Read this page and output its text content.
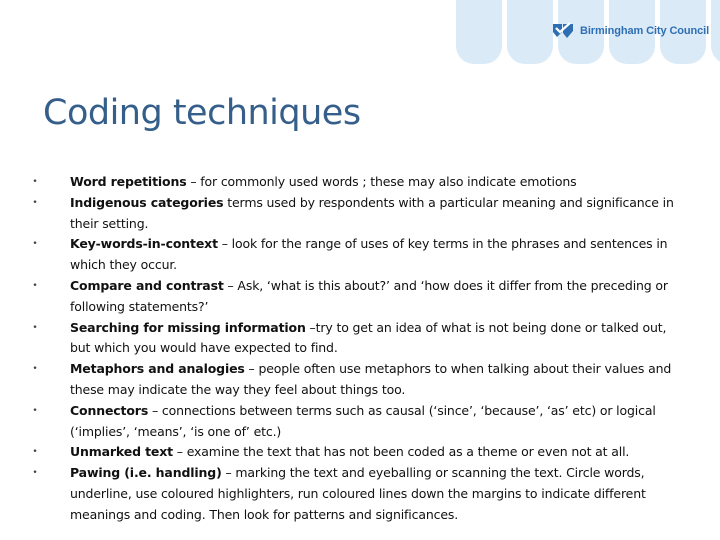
Birmingham City Council
Coding techniques
•	Word repetitions – for commonly used words ; these may also indicate emotions
•	Indigenous categories terms used by respondents with a particular meaning and significance in their setting.
•	Key-words-in-context – look for the range of uses of key terms in the phrases and sentences in which they occur.
•	Compare and contrast – Ask, ‘what is this about?’ and ‘how does it differ from the preceding or following statements?’
•	Searching for missing information –try to get an idea of what is not being done or talked out, but which you would have expected to find.
•	Metaphors and analogies – people often use metaphors to when talking about their values and these may indicate the way they feel about things too.
•	Connectors – connections between terms such as causal (‘since’, ‘because’, ‘as’ etc) or logical (‘implies’, ‘means’, ‘is one of’ etc.)
•	Unmarked text – examine the text that has not been coded as a theme or even not at all.
•	Pawing (i.e. handling) – marking the text and eyeballing or scanning the text. Circle words, underline, use coloured highlighters, run coloured lines down the margins to indicate different meanings and coding. Then look for patterns and significances.
